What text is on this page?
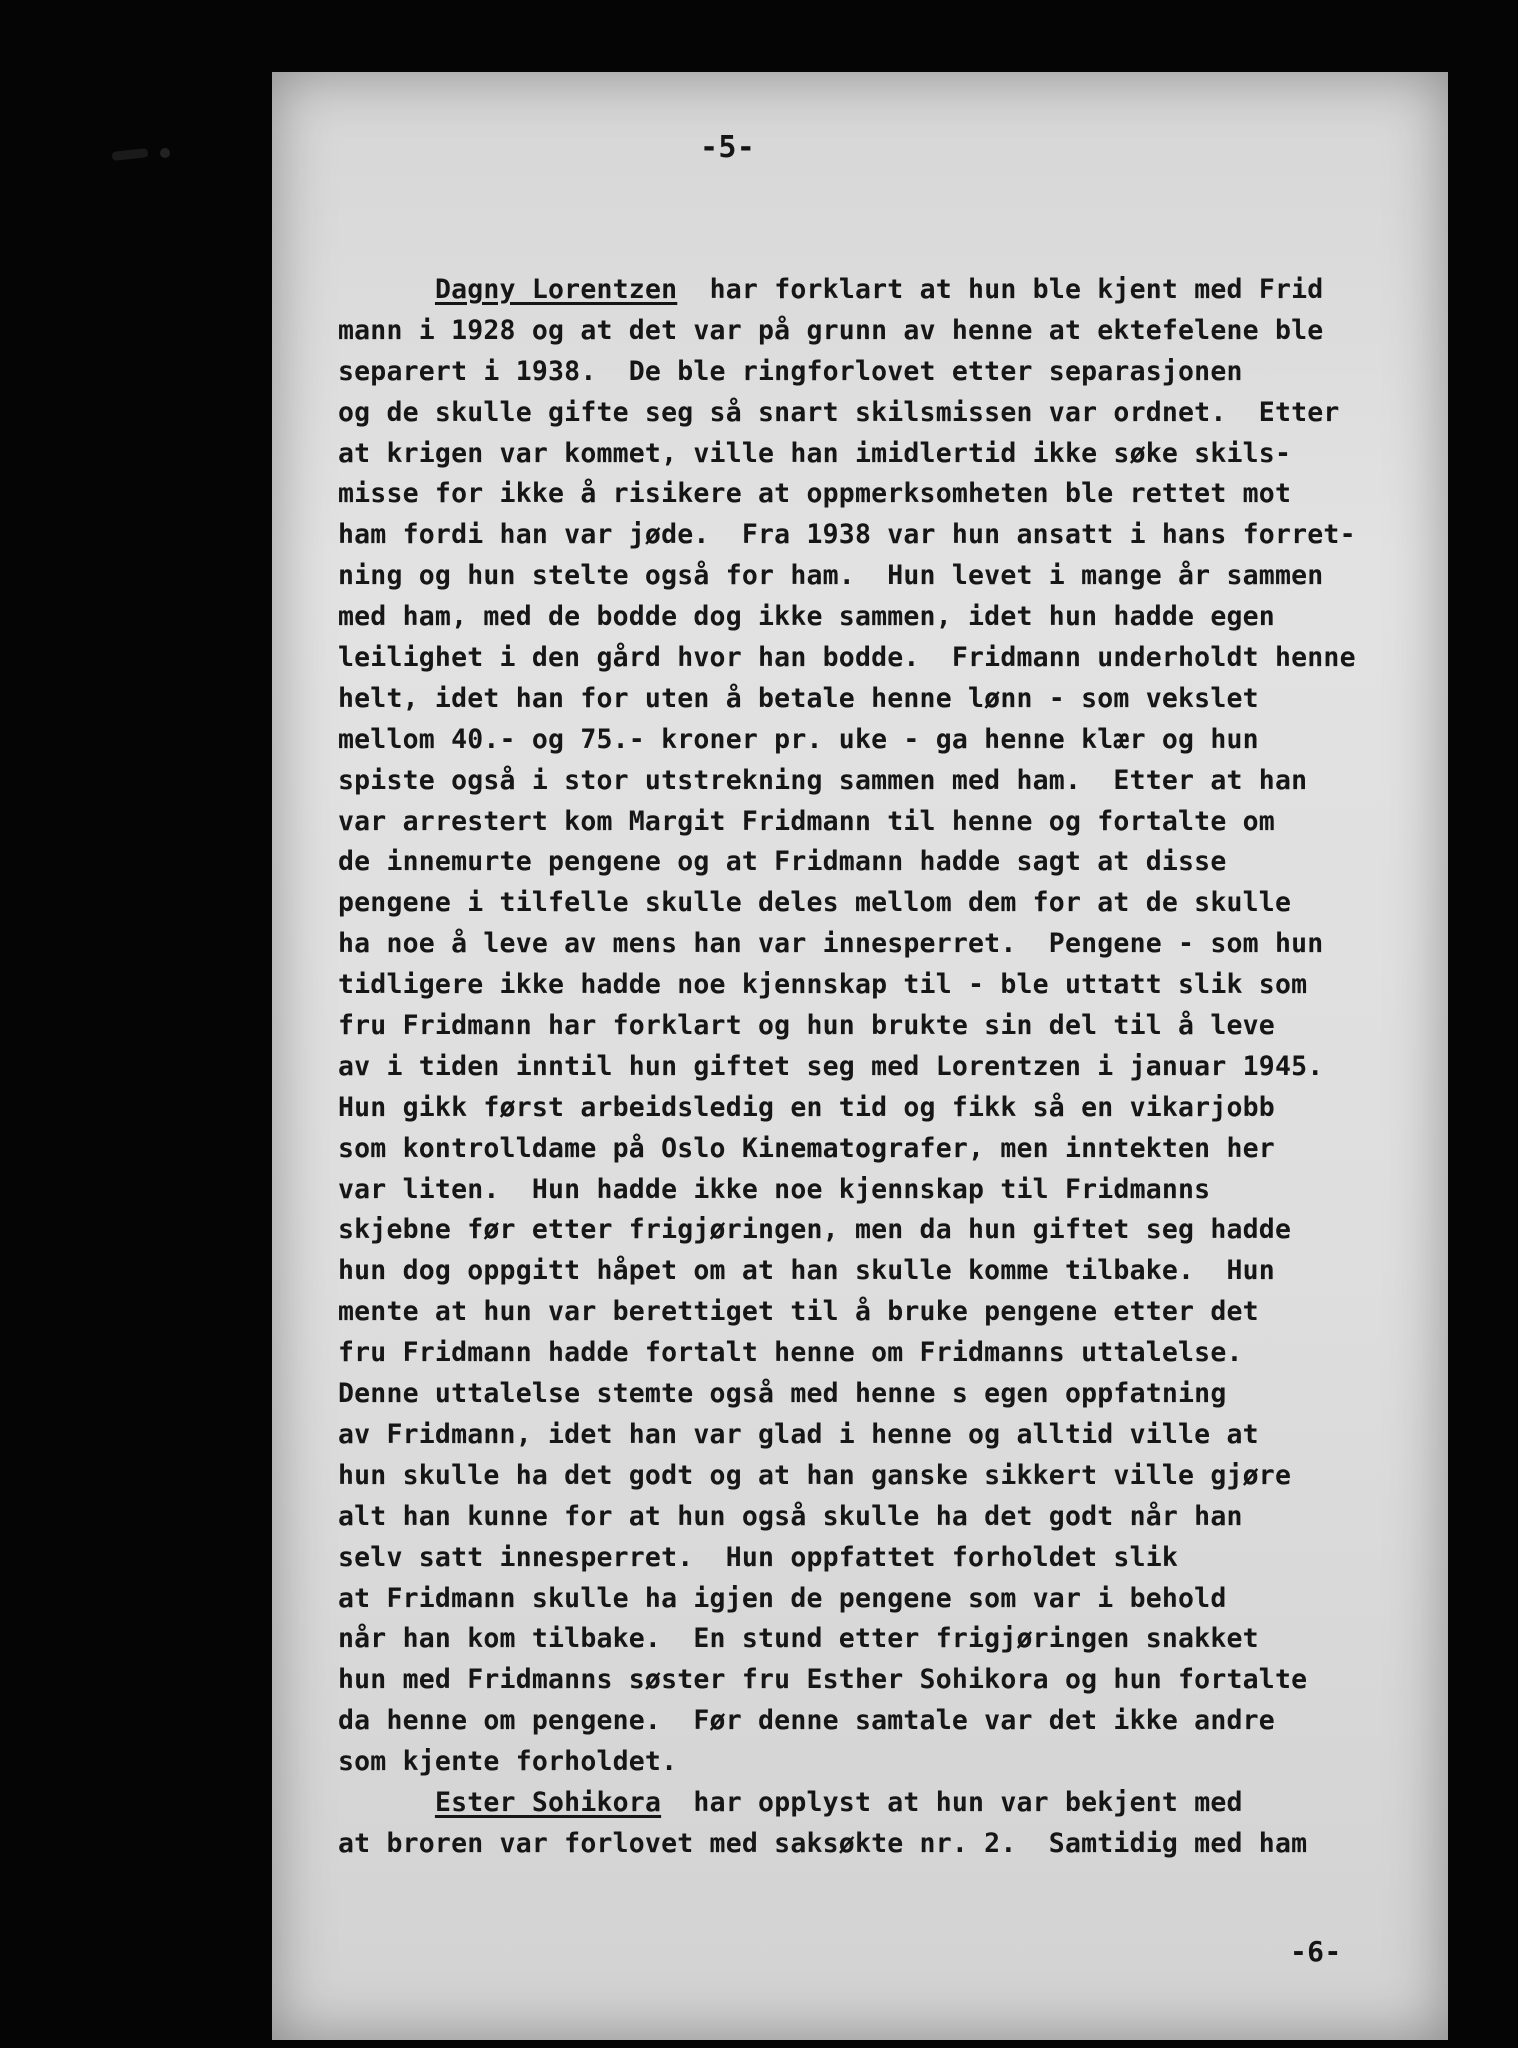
-5-
Dagny Lorentzen har forklart at hun ble kjent med Frid
mann i 1928 og at det var på grunn av henne at ektefelene ble
separert i 1938.  De ble ringforlovet etter separasjonen
og de skulle gifte seg så snart skilsmissen var ordnet.  Etter
at krigen var kommet, ville han imidlertid ikke søke skils-
misse for ikke å risikere at oppmerksomheten ble rettet mot
ham fordi han var jøde.  Fra 1938 var hun ansatt i hans forret-
ning og hun stelte også for ham.  Hun levet i mange år sammen
med ham, med de bodde dog ikke sammen, idet hun hadde egen
leilighet i den gård hvor han bodde.  Fridmann underholdt henne
helt, idet han for uten å betale henne lønn - som vekslet
mellom 40.- og 75.- kroner pr. uke - ga henne klær og hun
spiste også i stor utstrekning sammen med ham.  Etter at han
var arrestert kom Margit Fridmann til henne og fortalte om
de innemurte pengene og at Fridmann hadde sagt at disse
pengene i tilfelle skulle deles mellom dem for at de skulle
ha noe å leve av mens han var innesperret.  Pengene - som hun
tidligere ikke hadde noe kjennskap til - ble uttatt slik som
fru Fridmann har forklart og hun brukte sin del til å leve
av i tiden inntil hun giftet seg med Lorentzen i januar 1945.
Hun gikk først arbeidsledig en tid og fikk så en vikarjobb
som kontrolldame på Oslo Kinematografer, men inntekten her
var liten.  Hun hadde ikke noe kjennskap til Fridmanns
skjebne før etter frigjøringen, men da hun giftet seg hadde
hun dog oppgitt håpet om at han skulle komme tilbake.  Hun
mente at hun var berettiget til å bruke pengene etter det
fru Fridmann hadde fortalt henne om Fridmanns uttalelse.
Denne uttalelse stemte også med henne s egen oppfatning
av Fridmann, idet han var glad i henne og alltid ville at
hun skulle ha det godt og at han ganske sikkert ville gjøre
alt han kunne for at hun også skulle ha det godt når han
selv satt innesperret.  Hun oppfattet forholdet slik
at Fridmann skulle ha igjen de pengene som var i behold
når han kom tilbake.  En stund etter frigjøringen snakket
hun med Fridmanns søster fru Esther Sohikora og hun fortalte
da henne om pengene.  Før denne samtale var det ikke andre
som kjente forholdet.
Ester Sohikora har opplyst at hun var bekjent med
at broren var forlovet med saksøkte nr. 2.  Samtidig med ham
-6-
